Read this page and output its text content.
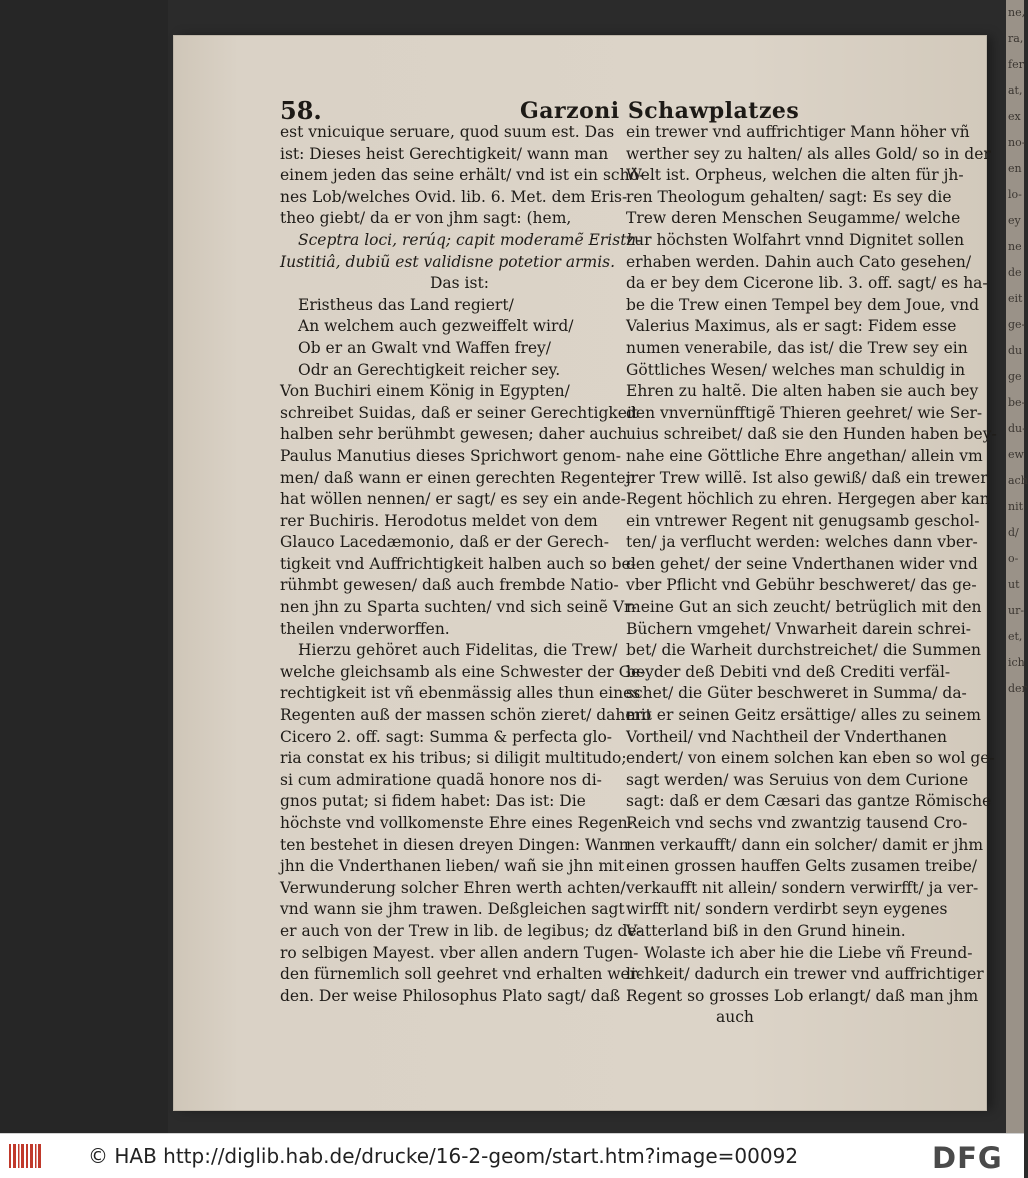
58.	Garzoni Schawplatzes
est vnicuique seruare, quod suum est. Das
ist: Dieses heist Gerechtigkeit/ wann man
einem jeden das seine erhält/ vnd ist ein schö-
nes Lob/welches Ovid. lib. 6. Met. dem Eris-
theo giebt/ da er von jhm sagt: (hem,
Sceptra loci, rerúq; capit moderamẽ Eristh-
Iustitiâ, dubiũ est validisne potetior armis.
Das ist:
Eristheus das Land regiert/
An welchem auch gezweiffelt wird/
Ob er an Gwalt vnd Waffen frey/
Odr an Gerechtigkeit reicher sey.
Von Buchiri einem König in Egypten/
schreibet Suidas, daß er seiner Gerechtigkeit
halben sehr berühmbt gewesen; daher auch
Paulus Manutius dieses Sprichwort genom-
men/ daß wann er einen gerechten Regenten
hat wöllen nennen/ er sagt/ es sey ein ande-
rer Buchiris. Herodotus meldet von dem
Glauco Lacedæmonio, daß er der Gerech-
tigkeit vnd Auffrichtigkeit halben auch so be-
rühmbt gewesen/ daß auch frembde Natio-
nen jhn zu Sparta suchten/ vnd sich seinẽ Vr-
theilen vnderworffen.
Hierzu gehöret auch Fidelitas, die Trew/
welche gleichsamb als eine Schwester der Ge-
rechtigkeit ist vñ ebenmässig alles thun eines
Regenten auß der massen schön zieret/ dahero
Cicero 2. off. sagt: Summa & perfecta glo-
ria constat ex his tribus; si diligit multitudo;
si cum admiratione quadã honore nos di-
gnos putat; si fidem habet: Das ist: Die
höchste vnd vollkomenste Ehre eines Regen-
ten bestehet in diesen dreyen Dingen: Wann
jhn die Vnderthanen lieben/ wañ sie jhn mit
Verwunderung solcher Ehren werth achten/
vnd wann sie jhm trawen. Deßgleichen sagt
er auch von der Trew in lib. de legibus; dz de-
ro selbigen Mayest. vber allen andern Tugen-
den fürnemlich soll geehret vnd erhalten wer-
den. Der weise Philosophus Plato sagt/ daß
ein trewer vnd auffrichtiger Mann höher vñ
werther sey zu halten/ als alles Gold/ so in der
Welt ist. Orpheus, welchen die alten für jh-
ren Theologum gehalten/ sagt: Es sey die
Trew deren Menschen Seugamme/ welche
zur höchsten Wolfahrt vnnd Dignitet sollen
erhaben werden. Dahin auch Cato gesehen/
da er bey dem Cicerone lib. 3. off. sagt/ es ha-
be die Trew einen Tempel bey dem Joue, vnd
Valerius Maximus, als er sagt: Fidem esse
numen venerabile, das ist/ die Trew sey ein
Göttliches Wesen/ welches man schuldig in
Ehren zu haltẽ. Die alten haben sie auch bey
den vnvernünfftigẽ Thieren geehret/ wie Ser-
uius schreibet/ daß sie den Hunden haben bey-
nahe eine Göttliche Ehre angethan/ allein vm
jrer Trew willẽ. Ist also gewiß/ daß ein trewer
Regent höchlich zu ehren. Hergegen aber kan
ein vntrewer Regent nit genugsamb geschol-
ten/ ja verflucht werden: welches dann vber-
den gehet/ der seine Vnderthanen wider vnd
vber Pflicht vnd Gebühr beschweret/ das ge-
meine Gut an sich zeucht/ betrüglich mit den
Büchern vmgehet/ Vnwarheit darein schrei-
bet/ die Warheit durchstreichet/ die Summen
beyder deß Debiti vnd deß Crediti verfäl-
schet/ die Güter beschweret in Summa/ da-
mit er seinen Geitz ersättige/ alles zu seinem
Vortheil/ vnd Nachtheil der Vnderthanen
endert/ von einem solchen kan eben so wol ge-
sagt werden/ was Seruius von dem Curione
sagt: daß er dem Cæsari das gantze Römische
Reich vnd sechs vnd zwantzig tausend Cro-
nen verkaufft/ dann ein solcher/ damit er jhm
einen grossen hauffen Gelts zusamen treibe/
verkaufft nit allein/ sondern verwirfft/ ja ver-
wirfft nit/ sondern verdirbt seyn eygenes
Vatterland biß in den Grund hinein.
Wolaste ich aber hie die Liebe vñ Freund-
lichkeit/ dadurch ein trewer vnd auffrichtiger
Regent so grosses Lob erlangt/ daß man jhm
auch
ne,
ra,
fer
at,
ex
no-
en
lo-
ey
ne
de
eit
ge-
du
ge
be-
du-
ew
ach
nit
d/
o-
ut
ur-
et,
ich
der
© HAB http://diglib.hab.de/drucke/16-2-geom/start.htm?image=00092	DFG
